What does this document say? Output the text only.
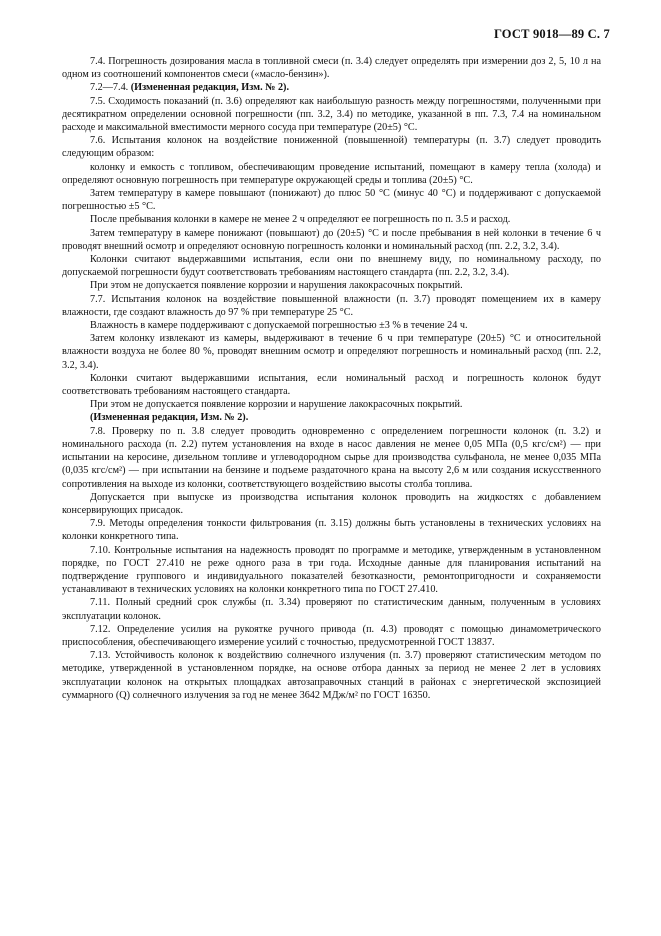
ГОСТ 9018—89 С. 7

7.4. Погрешность дозирования масла в топливной смеси (п. 3.4) следует определять при измерении доз 2, 5, 10 л на одном из соотношений компонентов смеси («масло-бензин»).

7.2—7.4. (Измененная редакция, Изм. № 2).

7.5. Сходимость показаний (п. 3.6) определяют как наибольшую разность между погрешностями, полученными при десятикратном определении основной погрешности (пп. 3.2, 3.4) по методике, указанной в пп. 7.3, 7.4 на номинальном расходе и максимальной вместимости мерного сосуда при температуре (20±5) °С.

7.6. Испытания колонок на воздействие пониженной (повышенной) температуры (п. 3.7) следует проводить следующим образом:

колонку и емкость с топливом, обеспечивающим проведение испытаний, помещают в камеру тепла (холода) и определяют основную погрешность при температуре окружающей среды и топлива (20±5) °С.

Затем температуру в камере повышают (понижают) до плюс 50 °С (минус 40 °С) и поддерживают с допускаемой погрешностью ±5 °С.

После пребывания колонки в камере не менее 2 ч определяют ее погрешность по п. 3.5 и расход.

Затем температуру в камере понижают (повышают) до (20±5) °С и после пребывания в ней колонки в течение 6 ч проводят внешний осмотр и определяют основную погрешность колонки и номинальный расход (пп. 2.2, 3.2, 3.4).

Колонки считают выдержавшими испытания, если они по внешнему виду, по номинальному расходу, по допускаемой погрешности будут соответствовать требованиям настоящего стандарта (пп. 2.2, 3.2, 3.4).

При этом не допускается появление коррозии и нарушения лакокрасочных покрытий.

7.7. Испытания колонок на воздействие повышенной влажности (п. 3.7) проводят помещением их в камеру влажности, где создают влажность до 97 % при температуре 25 °С.

Влажность в камере поддерживают с допускаемой погрешностью ±3 % в течение 24 ч.

Затем колонку извлекают из камеры, выдерживают в течение 6 ч при температуре (20±5) °С и относительной влажности воздуха не более 80 %, проводят внешним осмотр и определяют погрешность и номинальный расход (пп. 2.2, 3.2, 3.4).

Колонки считают выдержавшими испытания, если номинальный расход и погрешность колонок будут соответствовать требованиям настоящего стандарта.

При этом не допускается появление коррозии и нарушение лакокрасочных покрытий.

(Измененная редакция, Изм. № 2).

7.8. Проверку по п. 3.8 следует проводить одновременно с определением погрешности колонок (п. 3.2) и номинального расхода (п. 2.2) путем установления на входе в насос давления не менее 0,05 МПа (0,5 кгс/см²) — при испытании на керосине, дизельном топливе и углеводородном сырье для производства сульфанола, не менее 0,035 МПа (0,035 кгс/см²) — при испытании на бензине и подъеме раздаточного крана на высоту 2,6 м или создания искусственного сопротивления на выходе из колонки, соответствующего воздействию высоты столба топлива.

Допускается при выпуске из производства испытания колонок проводить на жидкостях с добавлением консервирующих присадок.

7.9. Методы определения тонкости фильтрования (п. 3.15) должны быть установлены в технических условиях на колонки конкретного типа.

7.10. Контрольные испытания на надежность проводят по программе и методике, утвержденным в установленном порядке, по ГОСТ 27.410 не реже одного раза в три года. Исходные данные для планирования испытаний на подтверждение группового и индивидуального показателей безотказности, ремонтопригодности и сохраняемости устанавливают в технических условиях на колонки конкретного типа по ГОСТ 27.410.

7.11. Полный средний срок службы (п. 3.34) проверяют по статистическим данным, полученным в условиях эксплуатации колонок.

7.12. Определение усилия на рукоятке ручного привода (п. 4.3) проводят с помощью динамометрического приспособления, обеспечивающего измерение усилий с точностью, предусмотренной ГОСТ 13837.

7.13. Устойчивость колонок к воздействию солнечного излучения (п. 3.7) проверяют статистическим методом по методике, утвержденной в установленном порядке, на основе отбора данных за период не менее 2 лет в условиях эксплуатации колонок на открытых площадках автозаправочных станций в районах с энергетической экспозицией суммарного (Q) солнечного излучения за год не менее 3642 МДж/м² по ГОСТ 16350.
